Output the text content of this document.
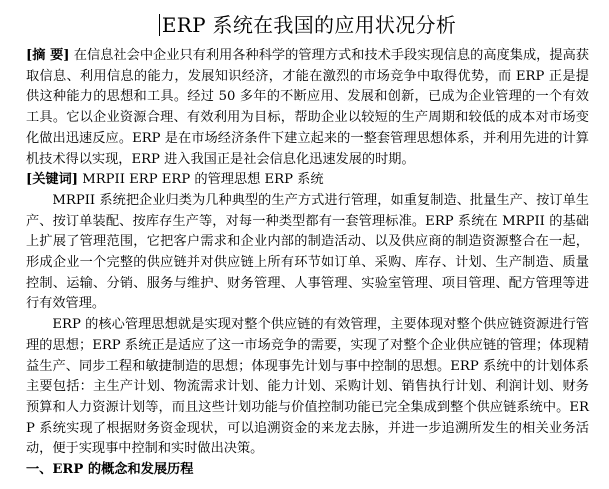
ERP 系统在我国的应用状况分析

[摘 要] 在信息社会中企业只有利用各种科学的管理方式和技术手段实现信息的高度集成，提高获取信息、利用信息的能力，发展知识经济，才能在激烈的市场竞争中取得优势，而 ERP 正是提供这种能力的思想和工具。经过 50 多年的不断应用、发展和创新，已成为企业管理的一个有效工具。它以企业资源合理、有效利用为目标，帮助企业以较短的生产周期和较低的成本对市场变化做出迅速反应。ERP 是在市场经济条件下建立起来的一整套管理思想体系，并利用先进的计算机技术得以实现，ERP 进入我国正是社会信息化迅速发展的时期。

[关键词] MRPII ERP ERP 的管理思想 ERP 系统

MRPII 系统把企业归类为几种典型的生产方式进行管理，如重复制造、批量生产、按订单生产、按订单装配、按库存生产等，对每一种类型都有一套管理标准。ERP 系统在 MRPII 的基础上扩展了管理范围，它把客户需求和企业内部的制造活动、以及供应商的制造资源整合在一起，形成企业一个完整的供应链并对供应链上所有环节如订单、采购、库存、计划、生产制造、质量控制、运输、分销、服务与维护、财务管理、人事管理、实验室管理、项目管理、配方管理等进行有效管理。

ERP 的核心管理思想就是实现对整个供应链的有效管理，主要体现对整个供应链资源进行管理的思想；ERP 系统正是适应了这一市场竞争的需要，实现了对整个企业供应链的管理；体现精益生产、同步工程和敏捷制造的思想；体现事先计划与事中控制的思想。ERP 系统中的计划体系主要包括：主生产计划、物流需求计划、能力计划、采购计划、销售执行计划、利润计划、财务预算和人力资源计划等，而且这些计划功能与价值控制功能已完全集成到整个供应链系统中。ERP 系统实现了根据财务资金现状，可以追溯资金的来龙去脉，并进一步追溯所发生的相关业务活动，便于实现事中控制和实时做出决策。

一、ERP 的概念和发展历程
